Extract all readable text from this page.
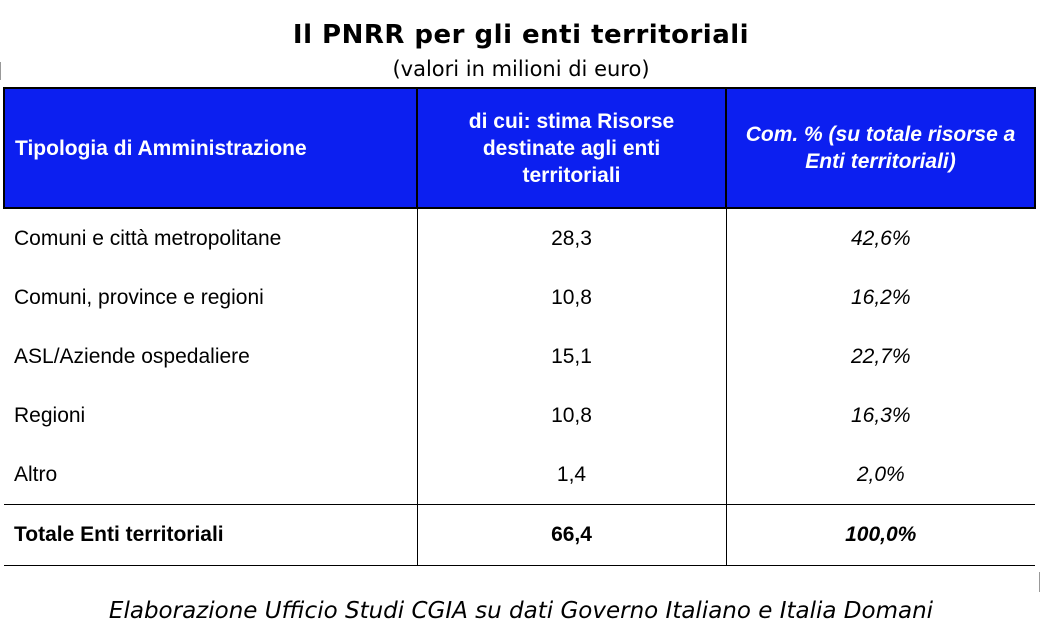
Il PNRR per gli enti territoriali
(valori in milioni di euro)
Tipologia di Amministrazione	di cui: stima Risorse destinate agli enti territoriali	Com. % (su totale risorse a Enti territoriali)
Comuni e città metropolitane	28,3	42,6%
Comuni, province e regioni	10,8	16,2%
ASL/Aziende ospedaliere	15,1	22,7%
Regioni	10,8	16,3%
Altro	1,4	2,0%
Totale Enti territoriali	66,4	100,0%
Elaborazione Ufficio Studi CGIA su dati Governo Italiano e Italia Domani
